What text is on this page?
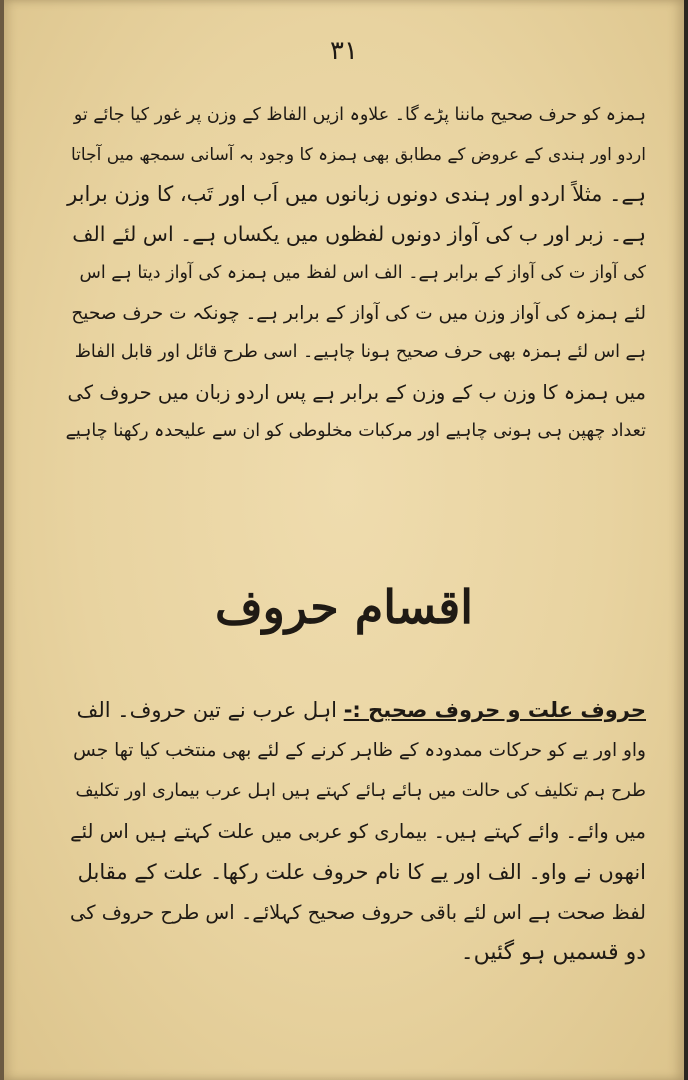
۳۱
ہمزہ کو حرف صحیح ماننا پڑے گا۔ علاوہ ازیں الفاظ کے وزن پر غور کیا جائے تو
اردو اور ہندی کے عروض کے مطابق بھی ہمزہ کا وجود بہ آسانی سمجھ میں آجاتا
ہے۔ مثلاً اردو اور ہندی دونوں زبانوں میں اَب اور تَب، کا وزن برابر
ہے۔ زبر اور ب کی آواز دونوں لفظوں میں یکساں ہے۔ اس لئے الف
کی آواز ت کی آواز کے برابر ہے۔ الف اس لفظ میں ہمزہ کی آواز دیتا ہے اس
لئے ہمزہ کی آواز وزن میں ت کی آواز کے برابر ہے۔ چونکہ ت حرف صحیح
ہے اس لئے ہمزہ بھی حرف صحیح ہونا چاہیے۔ اسی طرح قائل اور قابل الفاظ
میں ہمزہ کا وزن ب کے وزن کے برابر ہے پس اردو زبان میں حروف کی
تعداد چھپن ہی ہونی چاہیے اور مرکبات مخلوطی کو ان سے علیحدہ رکھنا چاہیے
اقسام حروف
حروف علت و حروف صحیح :- اہل عرب نے تین حروف۔ الف
واو اور یے کو حرکات ممدودہ کے ظاہر کرنے کے لئے بھی منتخب کیا تھا جس
طرح ہم تکلیف کی حالت میں ہائے ہائے کہتے ہیں اہل عرب بیماری اور تکلیف
میں وائے۔ وائے کہتے ہیں۔ بیماری کو عربی میں علت کہتے ہیں اس لئے
انھوں نے واو۔ الف اور یے کا نام حروف علت رکھا۔ علت کے مقابل
لفظ صحت ہے اس لئے باقی حروف صحیح کہلائے۔ اس طرح حروف کی
دو قسمیں ہو گئیں۔
